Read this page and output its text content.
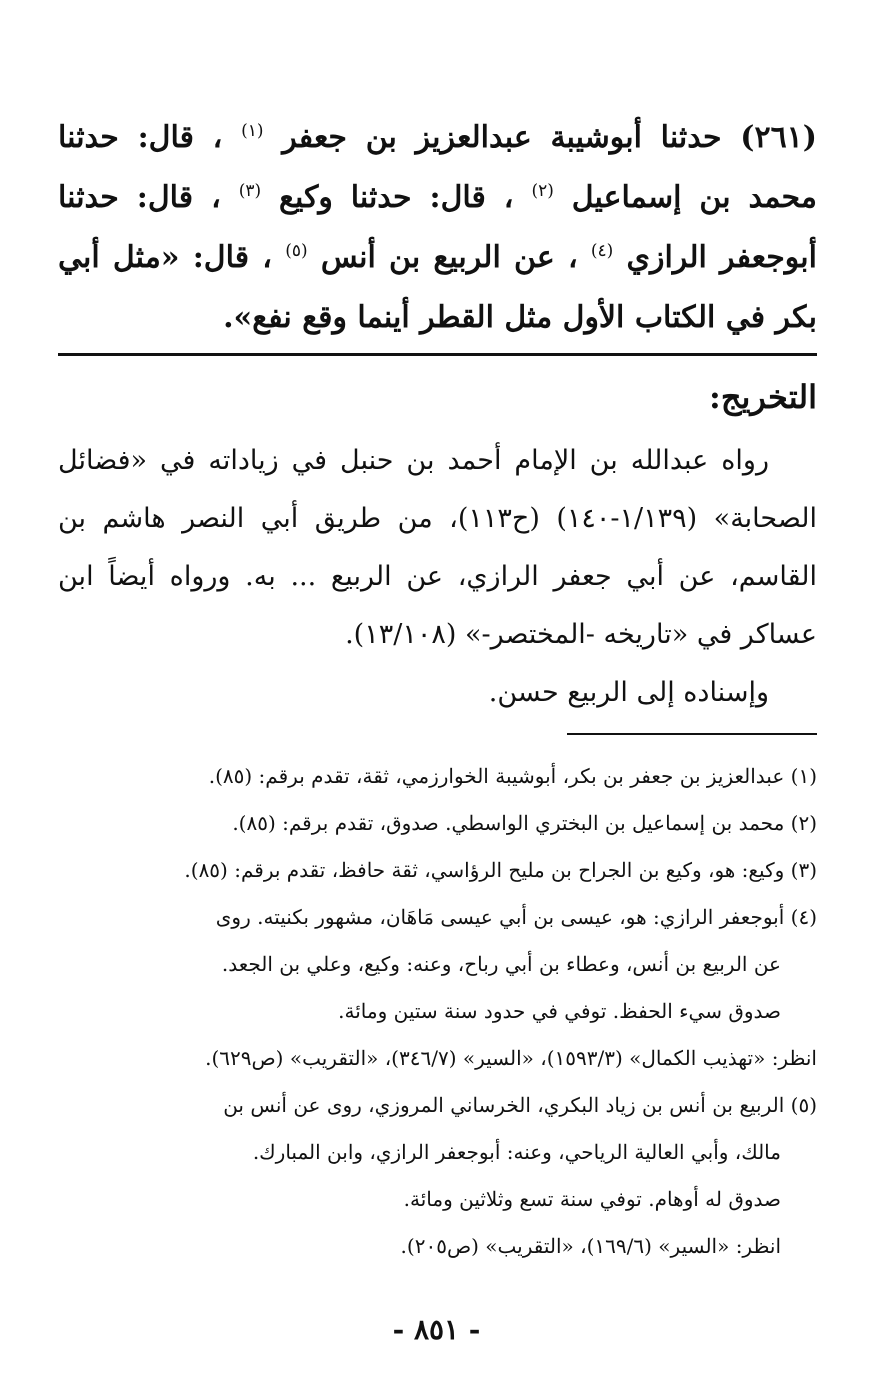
(٢٦١) حدثنا أبوشيبة عبدالعزيز بن جعفر $^{(١)}$ ، قال: حدثنا محمد بن إسماعيل $^{(٢)}$ ، قال: حدثنا وكيع $^{(٣)}$ ، قال: حدثنا أبوجعفر الرازي $^{(٤)}$ ، عن الربيع بن أنس $^{(٥)}$ ، قال: «مثل أبي بكر في الكتاب الأول مثل القطر أينما وقع نفع».

التخريج:

رواه عبدالله بن الإمام أحمد بن حنبل في زياداته في «فضائل الصحابة» (١/١٣٩-١٤٠) (ح١١٣)، من طريق أبي النصر هاشم بن القاسم، عن أبي جعفر الرازي، عن الربيع ... به. ورواه أيضاً ابن عساكر في «تاريخه -المختصر-» (١٣/١٠٨).

وإسناده إلى الربيع حسن.

(١) عبدالعزيز بن جعفر بن بكر، أبوشيبة الخوارزمي، ثقة، تقدم برقم: (٨٥).

(٢) محمد بن إسماعيل بن البختري الواسطي. صدوق، تقدم برقم: (٨٥).

(٣) وكيع: هو، وكيع بن الجراح بن مليح الرؤاسي، ثقة حافظ، تقدم برقم: (٨٥).

(٤) أبوجعفر الرازي: هو، عيسى بن أبي عيسى مَاهَان، مشهور بكنيته. روى
عن الربيع بن أنس، وعطاء بن أبي رباح، وعنه: وكيع، وعلي بن الجعد.
صدوق سيء الحفظ. توفي في حدود سنة ستين ومائة.

انظر: «تهذيب الكمال» (١٥٩٣/٣)، «السير» (٣٤٦/٧)، «التقريب» (ص٦٢٩).

(٥) الربيع بن أنس بن زياد البكري، الخرساني المروزي، روى عن أنس بن
مالك، وأبي العالية الرياحي، وعنه: أبوجعفر الرازي، وابن المبارك.
صدوق له أوهام. توفي سنة تسع وثلاثين ومائة.

انظر: «السير» (١٦٩/٦)، «التقريب» (ص٢٠٥).

- ٨٥١ -
